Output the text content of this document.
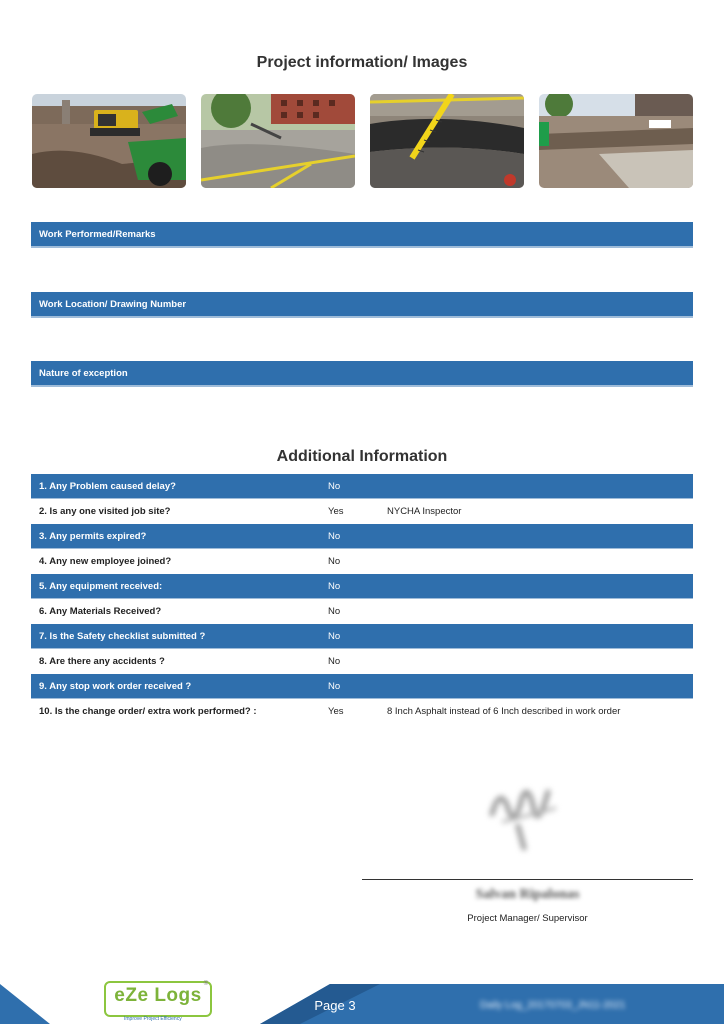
Project information/ Images
Work Performed/Remarks
Work Location/ Drawing Number
Nature of exception
Additional Information
1. Any Problem caused delay?	No
2. Is any one visited job site?	Yes	NYCHA Inspector
3. Any permits expired?	No
4. Any new employee joined?	No
5. Any equipment received:	No
6. Any Materials Received?	No
7. Is the Safety checklist submitted ?	No
8. Are there any accidents ?	No
9. Any stop work order received ?	No
10. Is the change order/ extra work performed? :	Yes	8 Inch Asphalt instead of 6 Inch described in work order
Salvan Ripalonas
Project Manager/ Supervisor
eZe Logs
®
Improve Project Efficiency
Page 3	Daily Log_20170703_JN11-2021
